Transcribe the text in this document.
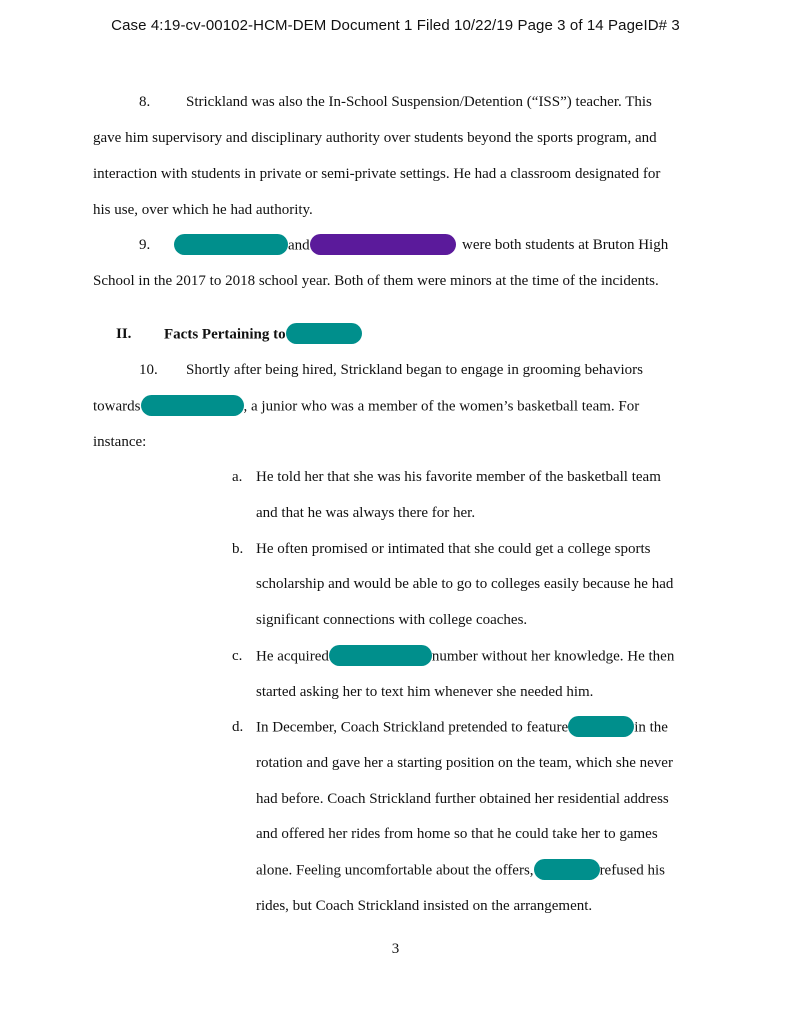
Case 4:19-cv-00102-HCM-DEM Document 1 Filed 10/22/19 Page 3 of 14 PageID# 3
8. Strickland was also the In-School Suspension/Detention (“ISS”) teacher. This
gave him supervisory and disciplinary authority over students beyond the sports program, and
interaction with students in private or semi-private settings. He had a classroom designated for
his use, over which he had authority.
9.	and	were both students at Bruton High
School in the 2017 to 2018 school year. Both of them were minors at the time of the incidents.
II. Facts Pertaining to
10. Shortly after being hired, Strickland began to engage in grooming behaviors
towards	, a junior who was a member of the women’s basketball team. For
instance:
a. He told her that she was his favorite member of the basketball team
and that he was always there for her.
b. He often promised or intimated that she could get a college sports
scholarship and would be able to go to colleges easily because he had
significant connections with college coaches.
c. He acquired	number without her knowledge. He then
started asking her to text him whenever she needed him.
d. In December, Coach Strickland pretended to feature	in the
rotation and gave her a starting position on the team, which she never
had before. Coach Strickland further obtained her residential address
and offered her rides from home so that he could take her to games
alone. Feeling uncomfortable about the offers,	refused his
rides, but Coach Strickland insisted on the arrangement.
3
